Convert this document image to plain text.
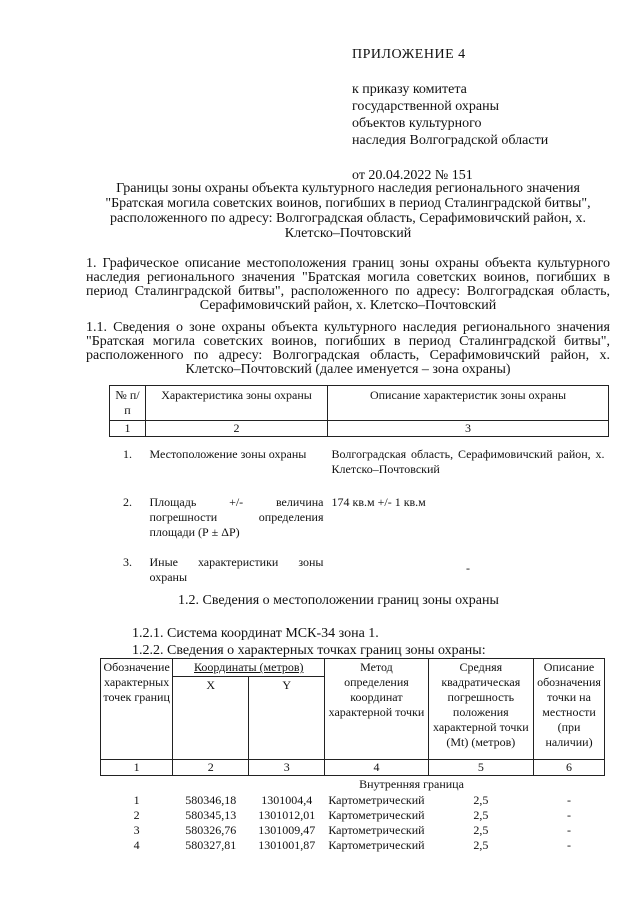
ПРИЛОЖЕНИЕ 4
к приказу комитета
государственной охраны
объектов культурного
наследия Волгоградской области
от 20.04.2022 № 151
Границы зоны охраны объекта культурного наследия регионального значения "Братская могила советских воинов, погибших в период Сталинградской битвы", расположенного по адресу: Волгоградская область, Серафимовичский район, х. Клетско–Почтовский
1. Графическое описание местоположения границ зоны охраны объекта культурного наследия регионального значения "Братская могила советских воинов, погибших в период Сталинградской битвы", расположенного по адресу: Волгоградская область, Серафимовичский район, х. Клетско–Почтовский
1.1. Сведения о зоне охраны объекта культурного наследия регионального значения "Братская могила советских воинов, погибших в период Сталинградской битвы", расположенного по адресу: Волгоградская область, Серафимовичский район, х. Клетско–Почтовский (далее именуется – зона охраны)
№ п/п	Характеристика зоны охраны	Описание характеристик зоны охраны
1	2	3
1.	Местоположение зоны охраны	Волгоградская область, Серафимовичский район, х. Клетско–Почтовский
2.	Площадь +/- величина погрешности определения площади (Р ± ΔР)	174 кв.м +/- 1 кв.м
3.	Иные характеристики зоны охраны	-
1.2. Сведения о местоположении границ зоны охраны
1.2.1. Система координат МСК-34 зона 1.
1.2.2. Сведения о характерных точках границ зоны охраны:
Обозначение характерных точек границ	Координаты (метров)		Метод определения координат характерной точки	Средняя квадратическая погрешность положения характерной точки (Mt) (метров)	Описание обозначения точки на местности (при наличии)
	X	Y			
1	2	3	4	5	6
Внутренняя граница					
1	580346,18	1301004,4	Картометрический	2,5	-
2	580345,13	1301012,01	Картометрический	2,5	-
3	580326,76	1301009,47	Картометрический	2,5	-
4	580327,81	1301001,87	Картометрический	2,5	-
